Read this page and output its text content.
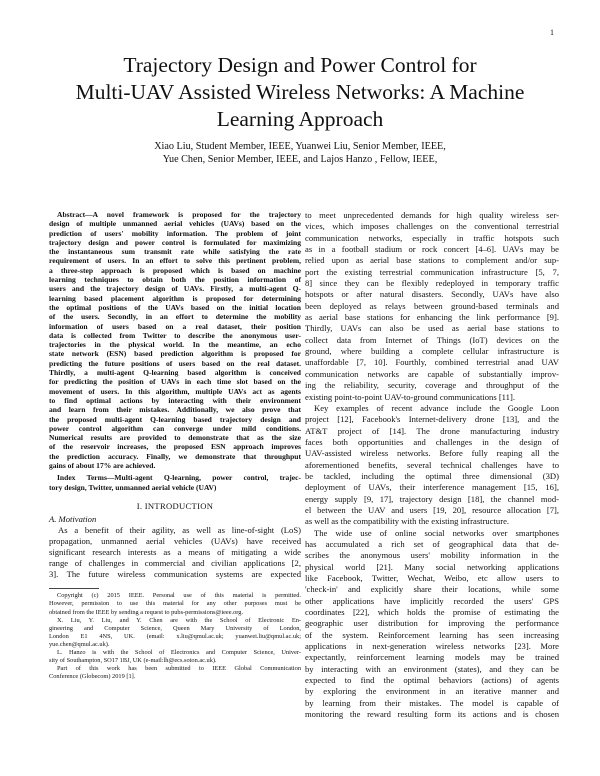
1
Trajectory Design and Power Control for
Multi-UAV Assisted Wireless Networks: A Machine
Learning Approach
Xiao Liu, Student Member, IEEE, Yuanwei Liu, Senior Member, IEEE,
Yue Chen, Senior Member, IEEE, and Lajos Hanzo , Fellow, IEEE,
Abstract—A novel framework is proposed for the trajectory
design of multiple unmanned aerial vehicles (UAVs) based on the
prediction of users' mobility information. The problem of joint
trajectory design and power control is formulated for maximizing
the instantaneous sum transmit rate while satisfying the rate
requirement of users. In an effort to solve this pertinent problem,
a three-step approach is proposed which is based on machine
learning techniques to obtain both the position information of
users and the trajectory design of UAVs. Firstly, a multi-agent Q-
learning based placement algorithm is proposed for determining
the optimal positions of the UAVs based on the initial location
of the users. Secondly, in an effort to determine the mobility
information of users based on a real dataset, their position
data is collected from Twitter to describe the anonymous user-
trajectories in the physical world. In the meantime, an echo
state network (ESN) based prediction algorithm is proposed for
predicting the future positions of users based on the real dataset.
Thirdly, a multi-agent Q-learning based algorithm is conceived
for predicting the position of UAVs in each time slot based on the
movement of users. In this algorithm, multiple UAVs act as agents
to find optimal actions by interacting with their environment
and learn from their mistakes. Additionally, we also prove that
the proposed multi-agent Q-learning based trajectory design and
power control algorithm can converge under mild conditions.
Numerical results are provided to demonstrate that as the size
of the reservoir increases, the proposed ESN approach improves
the prediction accuracy. Finally, we demonstrate that throughput
gains of about 17% are achieved.
Index Terms—Multi-agent Q-learning, power control, trajec-
tory design, Twitter, unmanned aerial vehicle (UAV)
I. INTRODUCTION
A. Motivation
As a benefit of their agility, as well as line-of-sight (LoS)
propagation, unmanned aerial vehicles (UAVs) have received
significant research interests as a means of mitigating a wide
range of challenges in commercial and civilian applications [2,
3]. The future wireless communication systems are expected
Copyright (c) 2015 IEEE. Personal use of this material is permitted.
However, permission to use this material for any other purposes must be
obtained from the IEEE by sending a request to pubs-permissions@ieee.org.
X. Liu, Y. Liu, and Y. Chen are with the School of Electronic En-
gineering and Computer Science, Queen Mary University of London,
London E1 4NS, UK. (email: x.liu@qmul.ac.uk; yuanwei.liu@qmul.ac.uk;
yue.chen@qmul.ac.uk).
L. Hanzo is with the School of Electronics and Computer Science, Univer-
sity of Southampton, SO17 1BJ, UK (e-mail:lh@ecs.soton.ac.uk).
Part of this work has been submitted to IEEE Global Communication
Conference (Globecom) 2019 [1].
to meet unprecedented demands for high quality wireless ser-
vices, which imposes challenges on the conventional terrestrial
communication networks, especially in traffic hotspots such
as in a football stadium or rock concert [4–6]. UAVs may be
relied upon as aerial base stations to complement and/or sup-
port the existing terrestrial communication infrastructure [5, 7,
8] since they can be flexibly redeployed in temporary traffic
hotspots or after natural disasters. Secondly, UAVs have also
been deployed as relays between ground-based terminals and
as aerial base stations for enhancing the link performance [9].
Thirdly, UAVs can also be used as aerial base stations to
collect data from Internet of Things (IoT) devices on the
ground, where building a complete cellular infrastructure is
unaffordable [7, 10]. Fourthly, combined terrestrial anad UAV
communication networks are capable of substantially improv-
ing the reliability, security, coverage and throughput of the
existing point-to-point UAV-to-ground communications [11].
Key examples of recent advance include the Google Loon
project [12], Facebook's Internet-delivery drone [13], and the
AT&T project of [14]. The drone manufacturing industry
faces both opportunities and challenges in the design of
UAV-assisted wireless networks. Before fully reaping all the
aforementioned benefits, several technical challenges have to
be tackled, including the optimal three dimensional (3D)
deployment of UAVs, their interference management [15, 16],
energy supply [9, 17], trajectory design [18], the channel mod-
el between the UAV and users [19, 20], resource allocation [7],
as well as the compatibility with the existing infrastructure.
The wide use of online social networks over smartphones
has accumulated a rich set of geographical data that de-
scribes the anonymous users' mobility information in the
physical world [21]. Many social networking applications
like Facebook, Twitter, Wechat, Weibo, etc allow users to
'check-in' and explicitly share their locations, while some
other applications have implicitly recorded the users' GPS
coordinates [22], which holds the promise of estimating the
geographic user distribution for improving the performance
of the system. Reinforcement learning has seen increasing
applications in next-generation wireless networks [23]. More
expectantly, reinforcement learning models may be trained
by interacting with an environment (states), and they can be
expected to find the optimal behaviors (actions) of agents
by exploring the environment in an iterative manner and
by learning from their mistakes. The model is capable of
monitoring the reward resulting form its actions and is chosen
